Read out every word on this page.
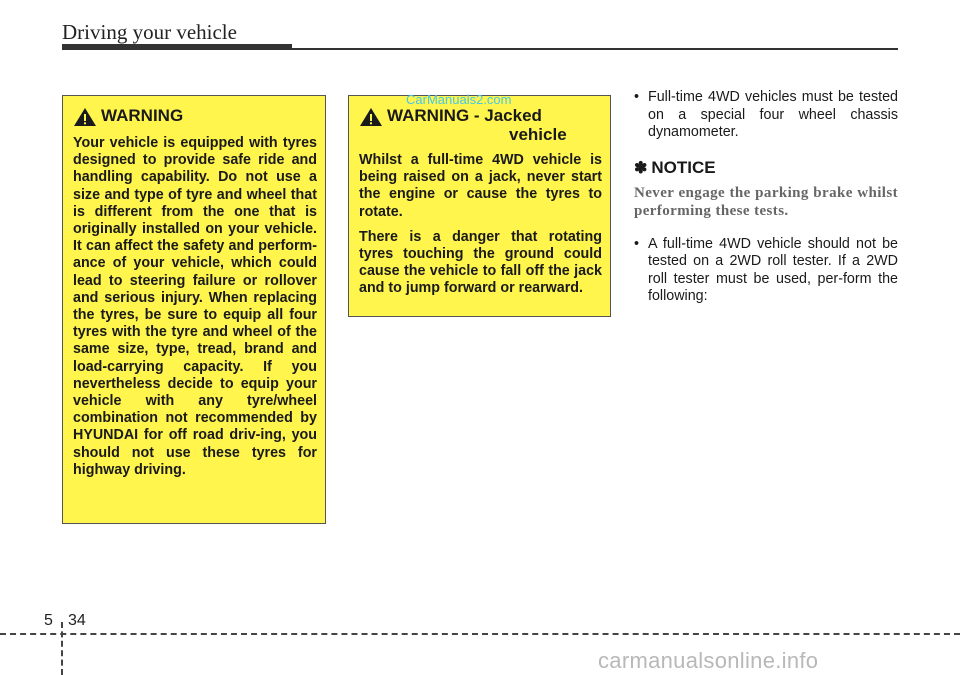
Driving your vehicle
WARNING

Your vehicle is equipped with tyres designed to provide safe ride and handling capability. Do not use a size and type of tyre and wheel that is different from the one that is originally installed on your vehicle. It can affect the safety and perform-ance of your vehicle, which could lead to steering failure or rollover and serious injury. When replacing the tyres, be sure to equip all four tyres with the tyre and wheel of the same size, type, tread, brand and load-carrying capacity. If you nevertheless decide to equip your vehicle with any tyre/wheel combination not recommended by HYUNDAI for off road driv-ing, you should not use these tyres for highway driving.

WARNING - Jacked
vehicle

Whilst a full-time 4WD vehicle is being raised on a jack, never start the engine or cause the tyres to rotate.

There is a danger that rotating tyres touching the ground could cause the vehicle to fall off the jack and to jump forward or rearward.

CarManuals2.com	• Full-time 4WD vehicles must be tested on a special four wheel chassis dynamometer.
✽ NOTICE
Never engage the parking brake whilst performing these tests.
• A full-time 4WD vehicle should not be tested on a 2WD roll tester. If a 2WD roll tester must be used, per-form the following:
5 34
carmanualsonline.info
